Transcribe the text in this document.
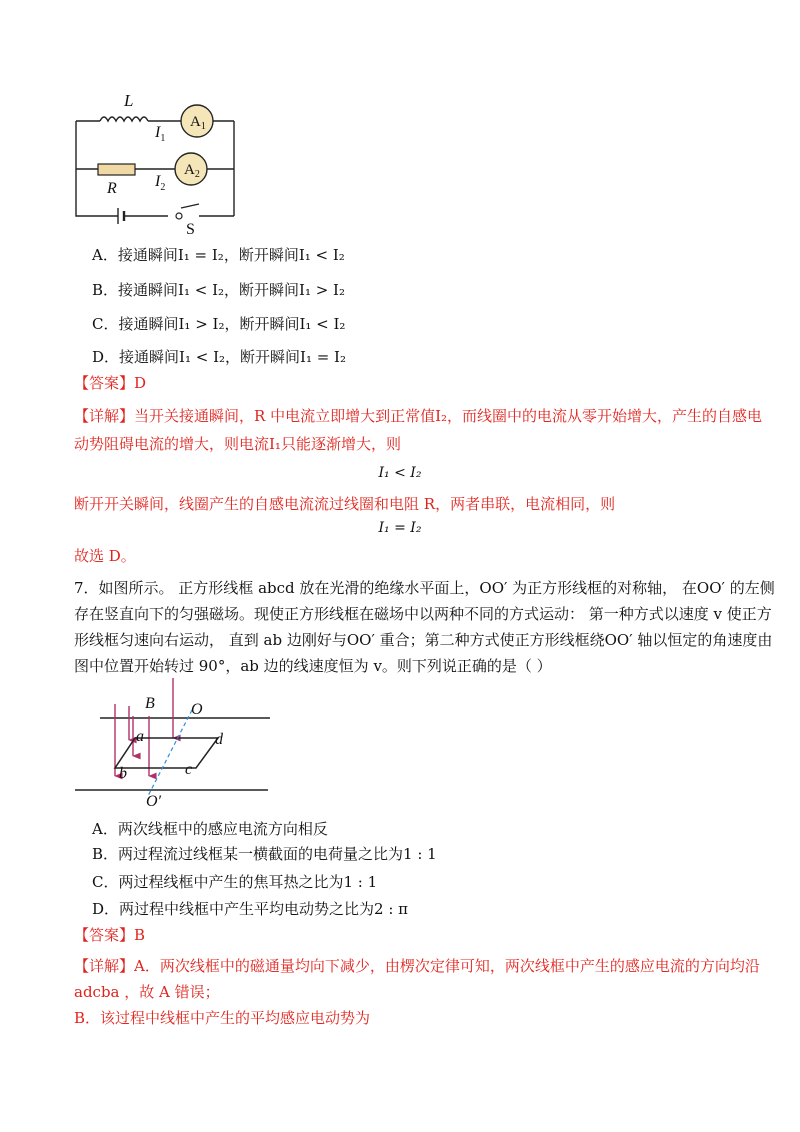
L
$I_1$
$A_1$
$A_2$
R $I_2$
S
A．接通瞬间I₁ = I₂，断开瞬间I₁ < I₂
B．接通瞬间I₁ < I₂，断开瞬间I₁ > I₂
C．接通瞬间I₁ > I₂，断开瞬间I₁ < I₂
D．接通瞬间I₁ < I₂，断开瞬间I₁ = I₂
【答案】D
【详解】当开关接通瞬间，R 中电流立即增大到正常值I₂，而线圈中的电流从零开始增大，产生的自感电
动势阻碍电流的增大，则电流I₁只能逐渐增大，则
I₁ < I₂
断开开关瞬间，线圈产生的自感电流流过线圈和电阻 R，两者串联，电流相同，则
I₁ = I₂
故选 D。
7．如图所示。 正方形线框 abcd 放在光滑的绝缘水平面上，OO′ 为正方形线框的对称轴， 在OO′ 的左侧
存在竖直向下的匀强磁场。现使正方形线框在磁场中以两种不同的方式运动： 第一种方式以速度 v 使正方
形线框匀速向右运动， 直到 ab 边刚好与OO′ 重合；第二种方式使正方形线框绕OO′ 轴以恒定的角速度由
图中位置开始转过 90°，ab 边的线速度恒为 v。则下列说正确的是（ ）
B O
a	d
b	c
O′
A．两次线框中的感应电流方向相反
B．两过程流过线框某一横截面的电荷量之比为1 : 1
C．两过程线框中产生的焦耳热之比为1 : 1
D．两过程中线框中产生平均电动势之比为2 : π
【答案】B
【详解】A．两次线框中的磁通量均向下减少，由楞次定律可知，两次线框中产生的感应电流的方向均沿
adcba ，故 A 错误；
B．该过程中线框中产生的平均感应电动势为
